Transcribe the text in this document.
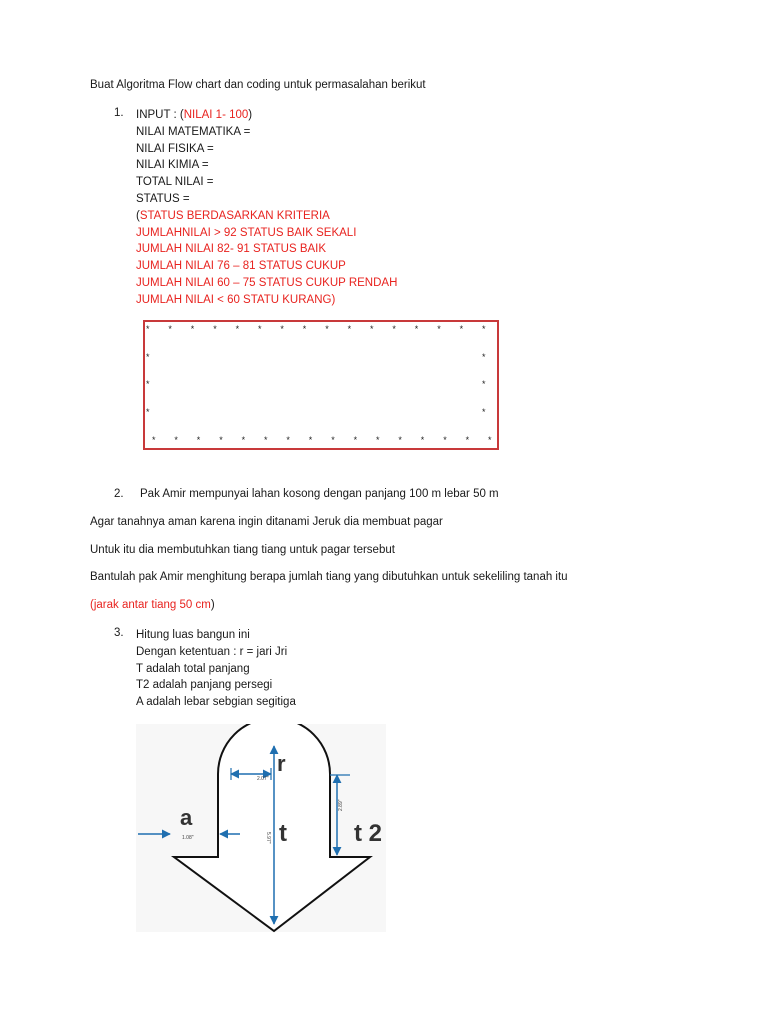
Buat Algoritma Flow chart dan coding untuk permasalahan berikut
1. INPUT : (NILAI 1- 100)
NILAI MATEMATIKA =
NILAI FISIKA =
NILAI KIMIA =
TOTAL NILAI =
STATUS =
(STATUS BERDASARKAN KRITERIA
JUMLAHNILAI > 92 STATUS BAIK SEKALI
JUMLAH NILAI 82- 91 STATUS BAIK
JUMLAH NILAI 76 – 81 STATUS CUKUP
JUMLAH NILAI 60 – 75 STATUS CUKUP RENDAH
JUMLAH NILAI < 60 STATU KURANG)
* * * * * * * * * * * * * * * *
* * * * * * * * * * * * * * * *
*	*
*	*
*	*
2. Pak Amir mempunyai lahan kosong dengan panjang 100 m lebar 50 m
Agar tanahnya aman karena ingin ditanami Jeruk dia membuat pagar
Untuk itu dia membutuhkan tiang tiang untuk pagar tersebut
Bantulah pak Amir menghitung berapa jumlah tiang yang dibutuhkan untuk sekeliling tanah itu
(jarak antar tiang 50 cm)
3. Hitung luas bangun ini
Dengan ketentuan : r = jari Jri
T adalah total panjang
T2 adalah panjang persegi
A adalah lebar sebgian segitiga
2.07"
5.97"
2.89"
1.08"
r
t	t 2
a
